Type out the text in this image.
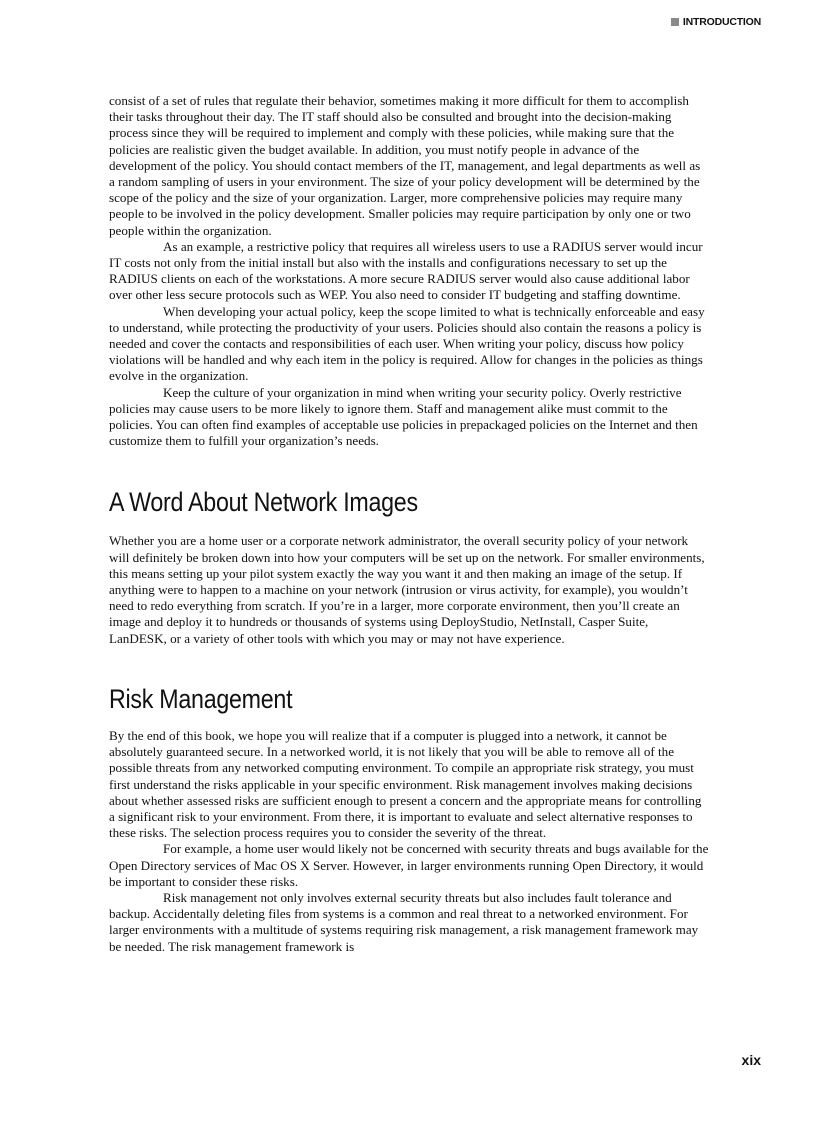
INTRODUCTION

consist of a set of rules that regulate their behavior, sometimes making it more difficult for them to accomplish their tasks throughout their day. The IT staff should also be consulted and brought into the decision-making process since they will be required to implement and comply with these policies, while making sure that the policies are realistic given the budget available. In addition, you must notify people in advance of the development of the policy. You should contact members of the IT, management, and legal departments as well as a random sampling of users in your environment. The size of your policy development will be determined by the scope of the policy and the size of your organization. Larger, more comprehensive policies may require many people to be involved in the policy development. Smaller policies may require participation by only one or two people within the organization.

As an example, a restrictive policy that requires all wireless users to use a RADIUS server would incur IT costs not only from the initial install but also with the installs and configurations necessary to set up the RADIUS clients on each of the workstations. A more secure RADIUS server would also cause additional labor over other less secure protocols such as WEP. You also need to consider IT budgeting and staffing downtime.

When developing your actual policy, keep the scope limited to what is technically enforceable and easy to understand, while protecting the productivity of your users. Policies should also contain the reasons a policy is needed and cover the contacts and responsibilities of each user. When writing your policy, discuss how policy violations will be handled and why each item in the policy is required. Allow for changes in the policies as things evolve in the organization.

Keep the culture of your organization in mind when writing your security policy. Overly restrictive policies may cause users to be more likely to ignore them. Staff and management alike must commit to the policies. You can often find examples of acceptable use policies in prepackaged policies on the Internet and then customize them to fulfill your organization’s needs.

A Word About Network Images

Whether you are a home user or a corporate network administrator, the overall security policy of your network will definitely be broken down into how your computers will be set up on the network. For smaller environments, this means setting up your pilot system exactly the way you want it and then making an image of the setup. If anything were to happen to a machine on your network (intrusion or virus activity, for example), you wouldn’t need to redo everything from scratch. If you’re in a larger, more corporate environment, then you’ll create an image and deploy it to hundreds or thousands of systems using DeployStudio, NetInstall, Casper Suite, LanDESK, or a variety of other tools with which you may or may not have experience.

Risk Management

By the end of this book, we hope you will realize that if a computer is plugged into a network, it cannot be absolutely guaranteed secure. In a networked world, it is not likely that you will be able to remove all of the possible threats from any networked computing environment. To compile an appropriate risk strategy, you must first understand the risks applicable in your specific environment. Risk management involves making decisions about whether assessed risks are sufficient enough to present a concern and the appropriate means for controlling a significant risk to your environment. From there, it is important to evaluate and select alternative responses to these risks. The selection process requires you to consider the severity of the threat.

For example, a home user would likely not be concerned with security threats and bugs available for the Open Directory services of Mac OS X Server. However, in larger environments running Open Directory, it would be important to consider these risks.

Risk management not only involves external security threats but also includes fault tolerance and backup. Accidentally deleting files from systems is a common and real threat to a networked environment. For larger environments with a multitude of systems requiring risk management, a risk management framework may be needed. The risk management framework is

xix
